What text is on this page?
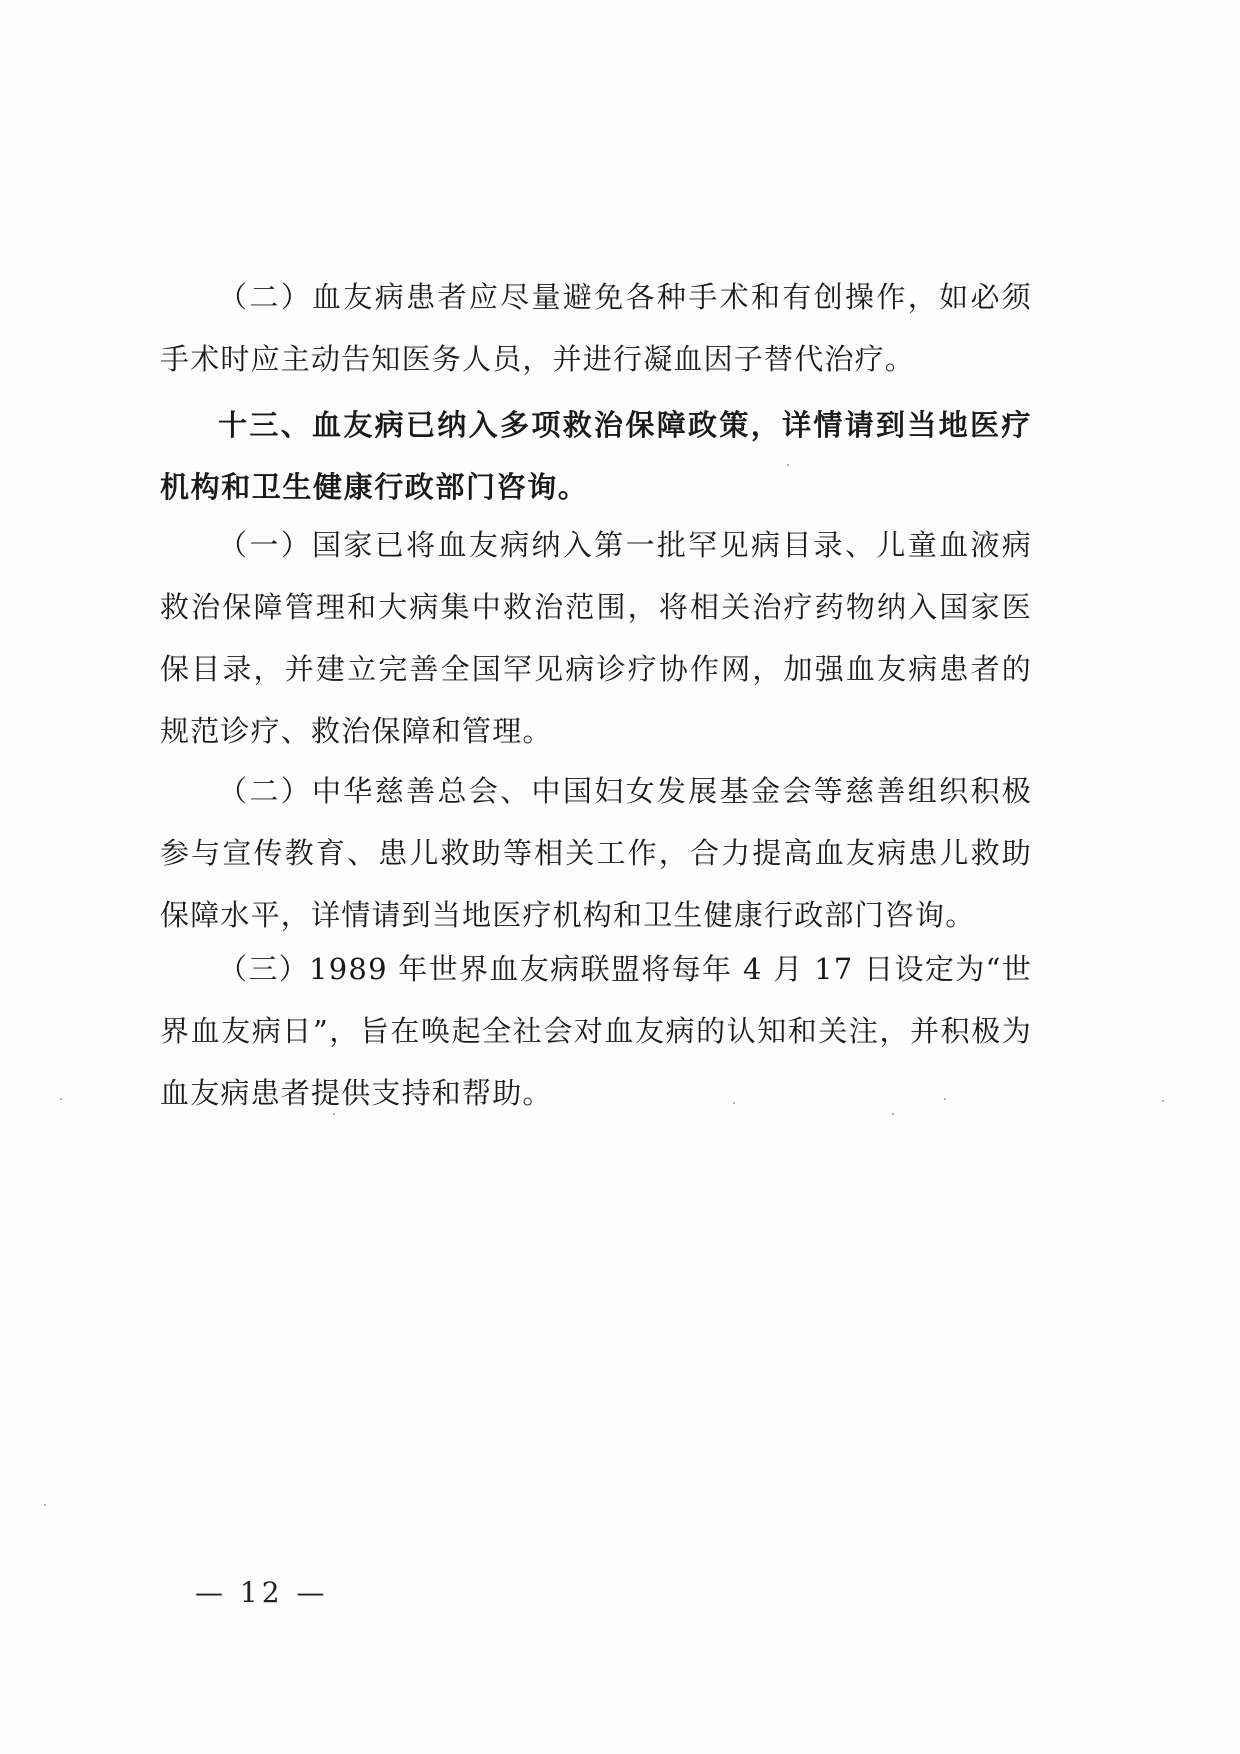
（二）血友病患者应尽量避免各种手术和有创操作，如必须手术时应主动告知医务人员，并进行凝血因子替代治疗。

十三、血友病已纳入多项救治保障政策，详情请到当地医疗机构和卫生健康行政部门咨询。

（一）国家已将血友病纳入第一批罕见病目录、儿童血液病救治保障管理和大病集中救治范围，将相关治疗药物纳入国家医保目录，并建立完善全国罕见病诊疗协作网，加强血友病患者的规范诊疗、救治保障和管理。

（二）中华慈善总会、中国妇女发展基金会等慈善组织积极参与宣传教育、患儿救助等相关工作，合力提高血友病患儿救助保障水平，详情请到当地医疗机构和卫生健康行政部门咨询。

（三）1989 年世界血友病联盟将每年 4 月 17 日设定为“世界血友病日”，旨在唤起全社会对血友病的认知和关注，并积极为血友病患者提供支持和帮助。

— 12 —
